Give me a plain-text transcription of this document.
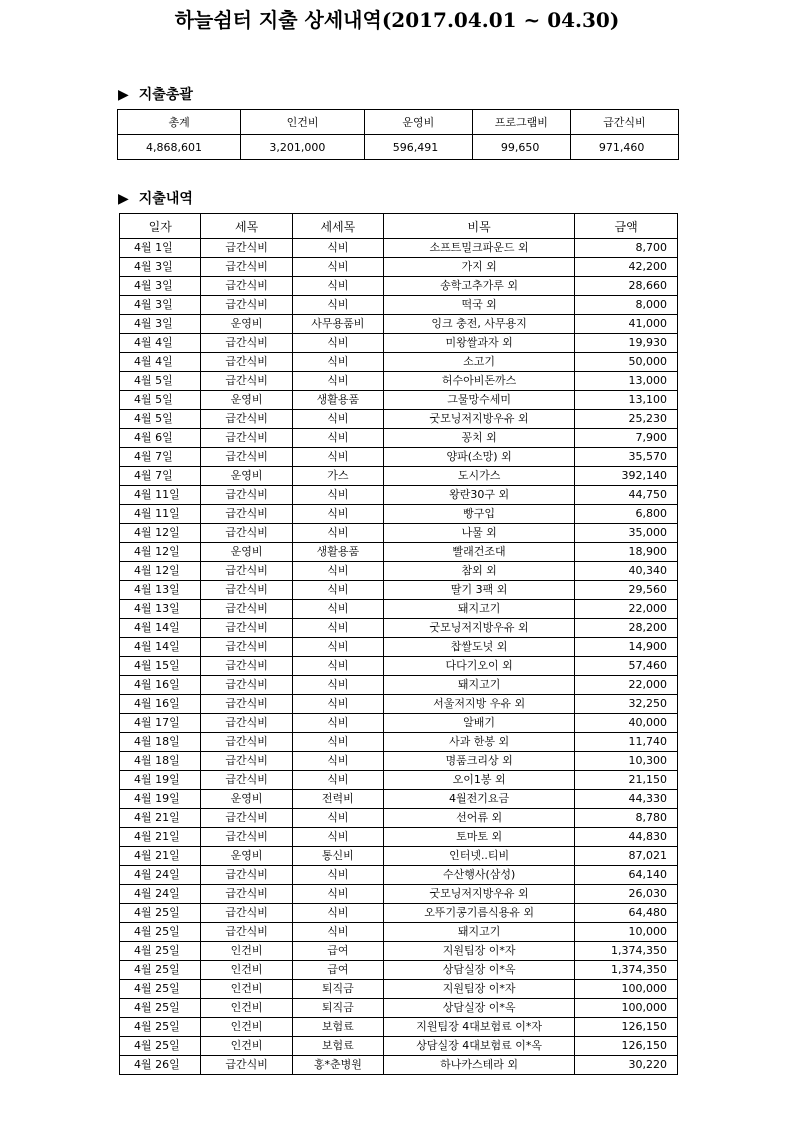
하늘쉼터 지출 상세내역(2017.04.01 ~ 04.30)
▶ 지출총괄
총계	인건비	운영비	프로그램비	급간식비
4,868,601	3,201,000	596,491	99,650	971,460
▶ 지출내역
일자	세목	세세목	비목	금액
4월 1일	급간식비	식비	소프트밀크파운드 외	8,700
4월 3일	급간식비	식비	가지 외	42,200
4월 3일	급간식비	식비	송학고추가루 외	28,660
4월 3일	급간식비	식비	떡국 외	8,000
4월 3일	운영비	사무용품비	잉크 충전, 사무용지	41,000
4월 4일	급간식비	식비	미왕쌀과자 외	19,930
4월 4일	급간식비	식비	소고기	50,000
4월 5일	급간식비	식비	허수아비돈까스	13,000
4월 5일	운영비	생활용품	그물망수세미	13,100
4월 5일	급간식비	식비	굿모닝저지방우유 외	25,230
4월 6일	급간식비	식비	꽁치 외	7,900
4월 7일	급간식비	식비	양파(소망) 외	35,570
4월 7일	운영비	가스	도시가스	392,140
4월 11일	급간식비	식비	왕란30구 외	44,750
4월 11일	급간식비	식비	빵구입	6,800
4월 12일	급간식비	식비	나물 외	35,000
4월 12일	운영비	생활용품	빨래건조대	18,900
4월 12일	급간식비	식비	참외 외	40,340
4월 13일	급간식비	식비	딸기 3팩 외	29,560
4월 13일	급간식비	식비	돼지고기	22,000
4월 14일	급간식비	식비	굿모닝저지방우유 외	28,200
4월 14일	급간식비	식비	찹쌀도넛 외	14,900
4월 15일	급간식비	식비	다다기오이 외	57,460
4월 16일	급간식비	식비	돼지고기	22,000
4월 16일	급간식비	식비	서울저지방 우유 외	32,250
4월 17일	급간식비	식비	알배기	40,000
4월 18일	급간식비	식비	사과 한봉 외	11,740
4월 18일	급간식비	식비	명품크리상 외	10,300
4월 19일	급간식비	식비	오이1봉 외	21,150
4월 19일	운영비	전력비	4월전기요금	44,330
4월 21일	급간식비	식비	선어류 외	8,780
4월 21일	급간식비	식비	토마토 외	44,830
4월 21일	운영비	통신비	인터넷..티비	87,021
4월 24일	급간식비	식비	수산행사(삼성)	64,140
4월 24일	급간식비	식비	굿모닝저지방우유 외	26,030
4월 25일	급간식비	식비	오뚜기콩기름식용유 외	64,480
4월 25일	급간식비	식비	돼지고기	10,000
4월 25일	인건비	급여	지원팀장 이*자	1,374,350
4월 25일	인건비	급여	상담실장 이*옥	1,374,350
4월 25일	인건비	퇴직금	지원팀장 이*자	100,000
4월 25일	인건비	퇴직금	상담실장 이*옥	100,000
4월 25일	인건비	보험료	지원팀장 4대보험료 이*자	126,150
4월 25일	인건비	보험료	상담실장 4대보험료 이*옥	126,150
4월 26일	급간식비	홍*춘병원	하나카스테라 외	30,220
